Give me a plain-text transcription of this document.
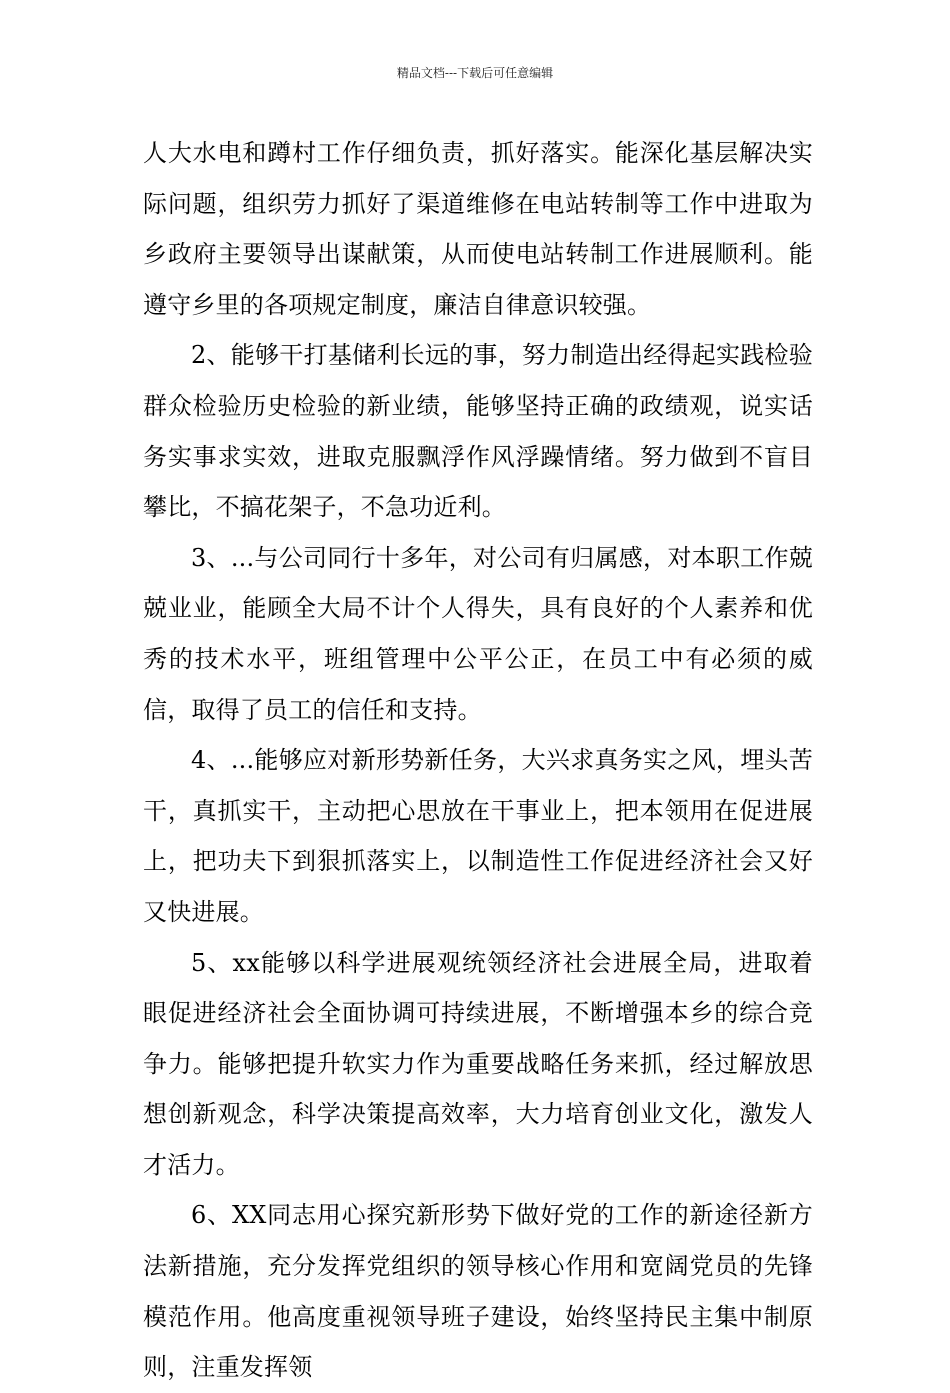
精品文档---下载后可任意编辑

人大水电和蹲村工作仔细负责，抓好落实。能深化基层解决实际问题，组织劳力抓好了渠道维修在电站转制等工作中进取为乡政府主要领导出谋献策，从而使电站转制工作进展顺利。能遵守乡里的各项规定制度，廉洁自律意识较强。

2、能够干打基储利长远的事，努力制造出经得起实践检验群众检验历史检验的新业绩，能够坚持正确的政绩观，说实话务实事求实效，进取克服飘浮作风浮躁情绪。努力做到不盲目攀比，不搞花架子，不急功近利。

3、...与公司同行十多年，对公司有归属感，对本职工作兢兢业业，能顾全大局不计个人得失，具有良好的个人素养和优秀的技术水平，班组管理中公平公正，在员工中有必须的威信，取得了员工的信任和支持。

4、...能够应对新形势新任务，大兴求真务实之风，埋头苦干，真抓实干，主动把心思放在干事业上，把本领用在促进展上，把功夫下到狠抓落实上，以制造性工作促进经济社会又好又快进展。

5、xx能够以科学进展观统领经济社会进展全局，进取着眼促进经济社会全面协调可持续进展，不断增强本乡的综合竞争力。能够把提升软实力作为重要战略任务来抓，经过解放思想创新观念，科学决策提高效率，大力培育创业文化，激发人才活力。

6、XX同志用心探究新形势下做好党的工作的新途径新方法新措施，充分发挥党组织的领导核心作用和宽阔党员的先锋模范作用。他高度重视领导班子建设，始终坚持民主集中制原则，注重发挥领
